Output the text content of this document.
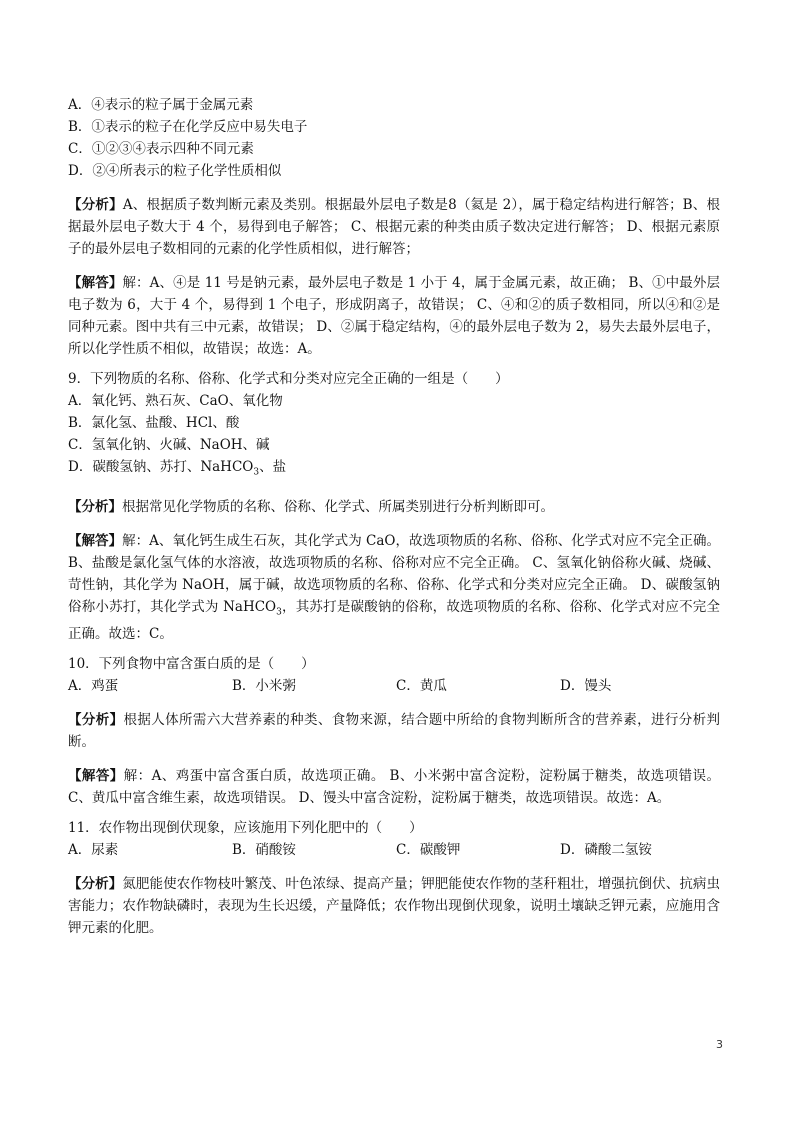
A．④表示的粒子属于金属元素
B．①表示的粒子在化学反应中易失电子
C．①②③④表示四种不同元素
D．②④所表示的粒子化学性质相似
【分析】A、根据质子数判断元素及类别。根据最外层电子数是8（氦是 2），属于稳定结构进行解答；B、根据最外层电子数大于 4 个，易得到电子解答； C、根据元素的种类由质子数决定进行解答； D、根据元素原子的最外层电子数相同的元素的化学性质相似，进行解答；
【解答】解：A、④是 11 号是钠元素，最外层电子数是 1 小于 4，属于金属元素，故正确； B、①中最外层电子数为 6，大于 4 个，易得到 1 个电子，形成阴离子，故错误； C、④和②的质子数相同，所以④和②是同种元素。图中共有三中元素，故错误； D、②属于稳定结构，④的最外层电子数为 2，易失去最外层电子，所以化学性质不相似，故错误；故选：A。
9．下列物质的名称、俗称、化学式和分类对应完全正确的一组是（　　）
A．氧化钙、熟石灰、CaO、氧化物
B．氯化氢、盐酸、HCl、酸
C．氢氧化钠、火碱、NaOH、碱
D．碳酸氢钠、苏打、NaHCO$_3$、盐
【分析】根据常见化学物质的名称、俗称、化学式、所属类别进行分析判断即可。
【解答】解：A、氧化钙生成生石灰，其化学式为 CaO，故选项物质的名称、俗称、化学式对应不完全正确。 B、盐酸是氯化氢气体的水溶液，故选项物质的名称、俗称对应不完全正确。 C、氢氧化钠俗称火碱、烧碱、苛性钠，其化学为 NaOH，属于碱，故选项物质的名称、俗称、化学式和分类对应完全正确。 D、碳酸氢钠俗称小苏打，其化学式为 NaHCO$_3$，其苏打是碳酸钠的俗称，故选项物质的名称、俗称、化学式对应不完全正确。故选：C。
10．下列食物中富含蛋白质的是（　　）
A．鸡蛋	B．小米粥	C．黄瓜	D．馒头
【分析】根据人体所需六大营养素的种类、食物来源，结合题中所给的食物判断所含的营养素，进行分析判断。
【解答】解：A、鸡蛋中富含蛋白质，故选项正确。 B、小米粥中富含淀粉，淀粉属于糖类，故选项错误。 C、黄瓜中富含维生素，故选项错误。 D、馒头中富含淀粉，淀粉属于糖类，故选项错误。故选：A。
11．农作物出现倒伏现象，应该施用下列化肥中的（　　）
A．尿素	B．硝酸铵	C．碳酸钾	D．磷酸二氢铵
【分析】氮肥能使农作物枝叶繁茂、叶色浓绿、提高产量；钾肥能使农作物的茎秆粗壮，增强抗倒伏、抗病虫害能力；农作物缺磷时，表现为生长迟缓，产量降低；农作物出现倒伏现象，说明土壤缺乏钾元素，应施用含钾元素的化肥。
3
